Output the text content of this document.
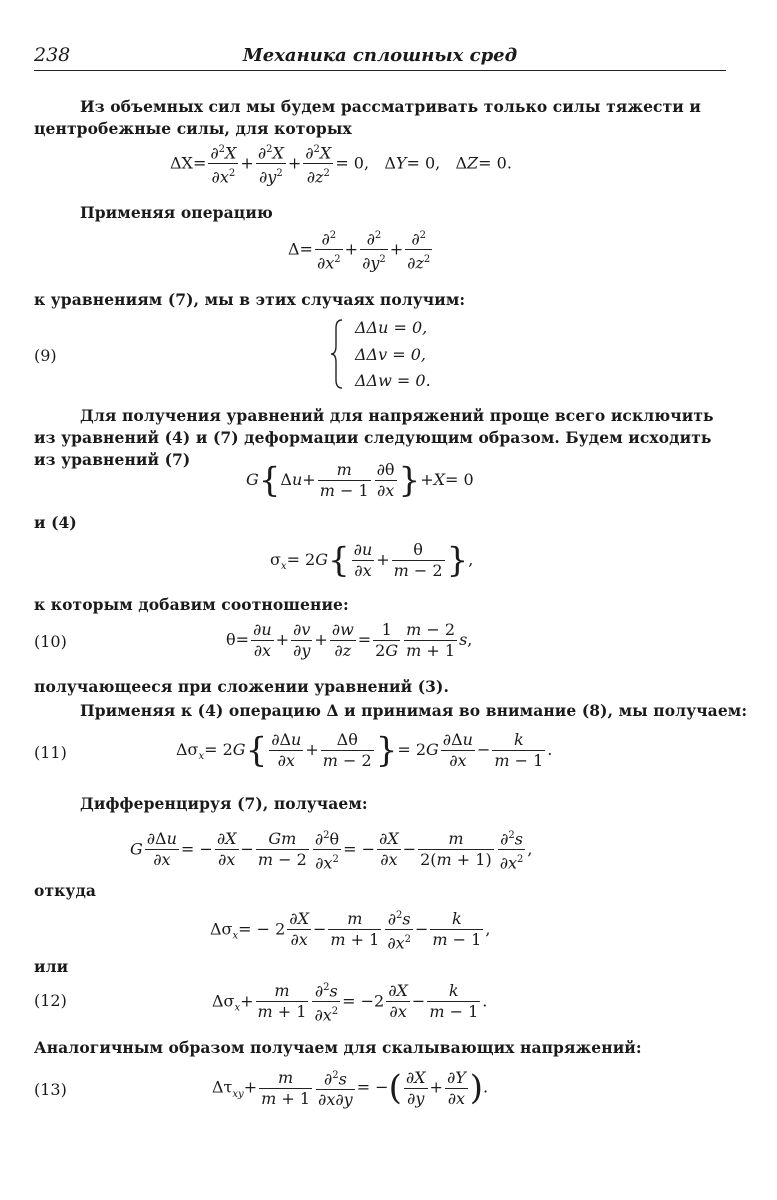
238	Механика сплошных сред
Из объемных сил мы будем рассматривать только силы тяжести и центробежные силы, для которых
$\Delta X= \frac{\partial^2X}{\partial x^2} + \frac{\partial^2X}{\partial y^2} + \frac{\partial^2X}{\partial z^2} = 0$,   ΔY= 0,   ΔZ= 0.
Применяя операцию
$\Delta= \frac{\partial^2}{\partial x^2} + \frac{\partial^2}{\partial y^2} + \frac{\partial^2}{\partial z^2}$
к уравнениям (7), мы в этих случаях получим:
(9)
ΔΔu = 0,
ΔΔv = 0,
ΔΔw = 0.
Для получения уравнений для напряжений проще всего исключить из уравнений (4) и (7) деформации следующим образом. Будем исходить из уравнений (7)
$G\{\Delta u+ \frac{m}{m - 1} \frac{\partial\theta}{\partial x} \}+X= 0$
и (4)
$\sigma_x= 2G\{ \frac{\partial u}{\partial x} + \frac{\theta}{m - 2}$ },
к которым добавим соотношение:
(10)	$\theta= \frac{\partial u}{\partial x} + \frac{\partial v}{\partial y} + \frac{\partial w}{\partial z} = \frac{1}{2G} \frac{m - 2}{m + 1} s$,
получающееся при сложении уравнений (3).
Применяя к (4) операцию Δ и принимая во внимание (8), мы получаем:
(11)	$\Delta\sigma_x= 2G\{ \frac{\partial\Delta u}{\partial x} + \frac{\Delta\theta}{m - 2}$ }= $2G \frac{\partial\Delta u}{\partial x} - \frac{k}{m - 1}$ .
Дифференцируя (7), получаем:
G $\frac{\partial\Delta u}{\partial x}$ = − $\frac{\partial X}{\partial x} - \frac{Gm}{m - 2} \frac{\partial^2\theta}{\partial x^2}$ = − $\frac{\partial X}{\partial x} - \frac{m}{2(m + 1)} \frac{\partial^2s}{\partial x^2}$ ,
откуда
$\Delta\sigma_x= - 2 \frac{\partial X}{\partial x} - \frac{m}{m + 1} \frac{\partial^2s}{\partial x^2} - \frac{k}{m - 1}$ ,
или
(12)	$\Delta\sigma_x+ \frac{m}{m + 1} \frac{\partial^2s}{\partial x^2} = -2 \frac{\partial X}{\partial x} - \frac{k}{m - 1}$ .
Аналогичным образом получаем для скалывающих напряжений:
(13)	$\Delta\tau_{xy}+ \frac{m}{m + 1} \frac{\partial^2s}{\partial x\partial y}$ = −( $\frac{\partial X}{\partial y} + \frac{\partial Y}{\partial x}$ ).
